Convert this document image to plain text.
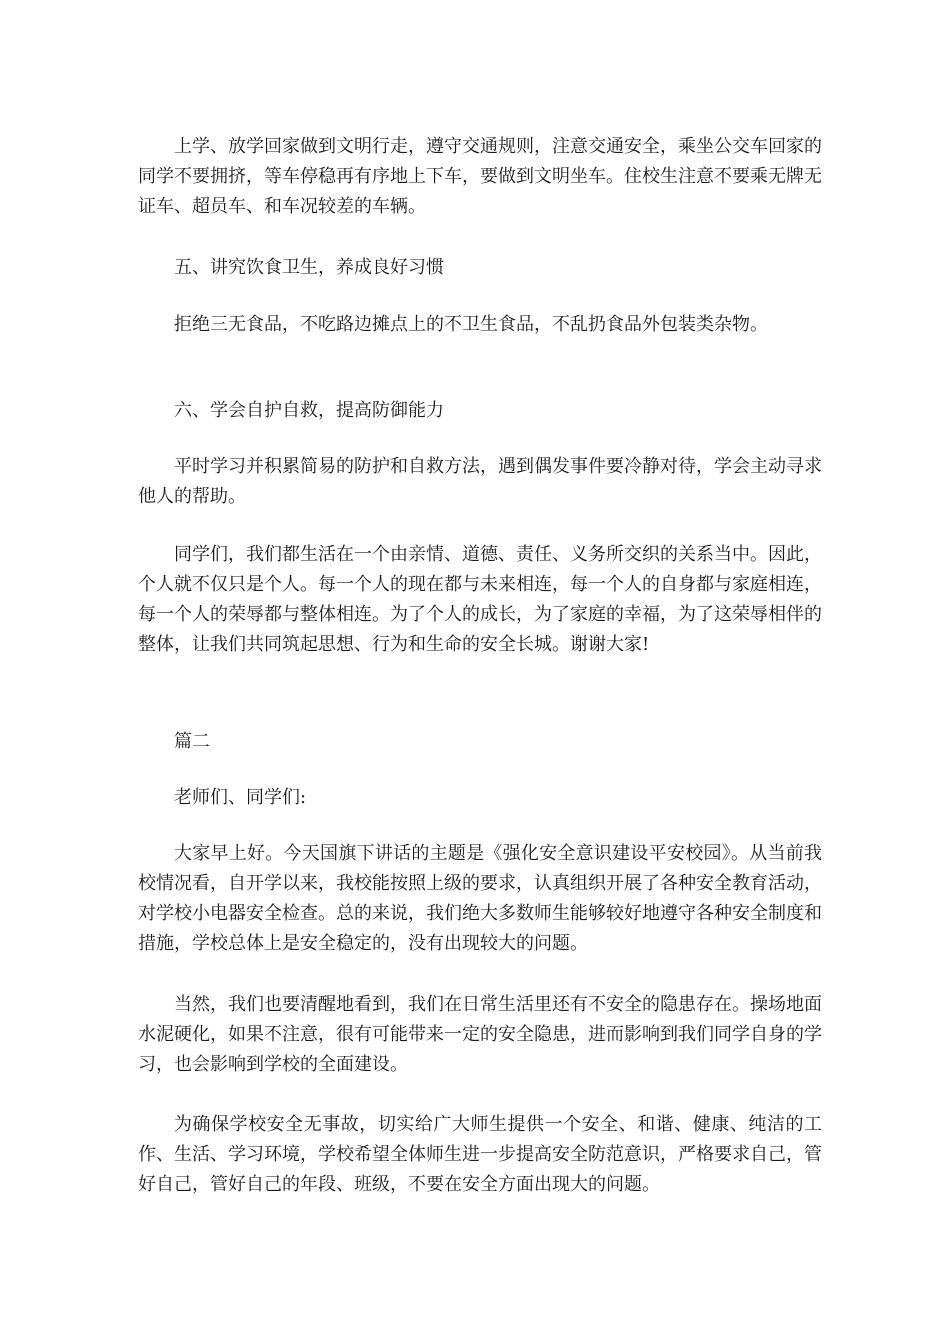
上学、放学回家做到文明行走，遵守交通规则，注意交通安全，乘坐公交车回家的同学不要拥挤，等车停稳再有序地上下车，要做到文明坐车。住校生注意不要乘无牌无证车、超员车、和车况较差的车辆。
五、讲究饮食卫生，养成良好习惯
拒绝三无食品，不吃路边摊点上的不卫生食品，不乱扔食品外包装类杂物。
六、学会自护自救，提高防御能力
平时学习并积累简易的防护和自救方法，遇到偶发事件要冷静对待，学会主动寻求他人的帮助。
同学们，我们都生活在一个由亲情、道德、责任、义务所交织的关系当中。因此，个人就不仅只是个人。每一个人的现在都与未来相连，每一个人的自身都与家庭相连，每一个人的荣辱都与整体相连。为了个人的成长，为了家庭的幸福，为了这荣辱相伴的整体，让我们共同筑起思想、行为和生命的安全长城。谢谢大家!
篇二
老师们、同学们:
大家早上好。今天国旗下讲话的主题是《强化安全意识建设平安校园》。从当前我校情况看，自开学以来，我校能按照上级的要求，认真组织开展了各种安全教育活动，对学校小电器安全检查。总的来说，我们绝大多数师生能够较好地遵守各种安全制度和措施，学校总体上是安全稳定的，没有出现较大的问题。
当然，我们也要清醒地看到，我们在日常生活里还有不安全的隐患存在。操场地面水泥硬化，如果不注意，很有可能带来一定的安全隐患，进而影响到我们同学自身的学习，也会影响到学校的全面建设。
为确保学校安全无事故，切实给广大师生提供一个安全、和谐、健康、纯洁的工作、生活、学习环境，学校希望全体师生进一步提高安全防范意识，严格要求自己，管好自己，管好自己的年段、班级，不要在安全方面出现大的问题。
